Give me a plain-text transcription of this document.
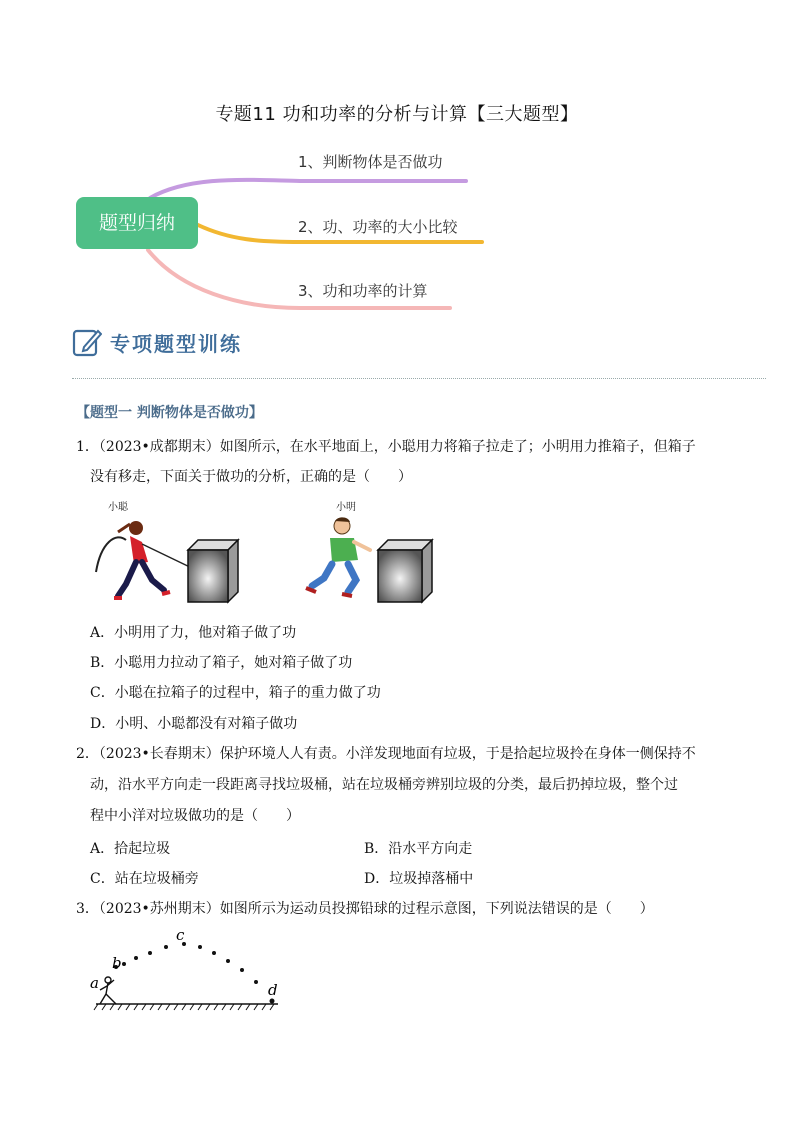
专题11 功和功率的分析与计算【三大题型】
题型归纳
1、判断物体是否做功
2、功、功率的大小比较
3、功和功率的计算
专项题型训练
【题型一 判断物体是否做功】
1．（2023•成都期末）如图所示，在水平地面上，小聪用力将箱子拉走了；小明用力推箱子，但箱子
没有移走，下面关于做功的分析，正确的是（　　）
小聪	小明
A．小明用了力，他对箱子做了功
B．小聪用力拉动了箱子，她对箱子做了功
C．小聪在拉箱子的过程中，箱子的重力做了功
D．小明、小聪都没有对箱子做功
2．（2023•长春期末）保护环境人人有责。小洋发现地面有垃圾，于是拾起垃圾拎在身体一侧保持不
动，沿水平方向走一段距离寻找垃圾桶，站在垃圾桶旁辨别垃圾的分类，最后扔掉垃圾，整个过
程中小洋对垃圾做功的是（　　）
A．拾起垃圾	B．沿水平方向走
C．站在垃圾桶旁	D．垃圾掉落桶中
3．（2023•苏州期末）如图所示为运动员投掷铅球的过程示意图，下列说法错误的是（　　）
a
b
c
d
